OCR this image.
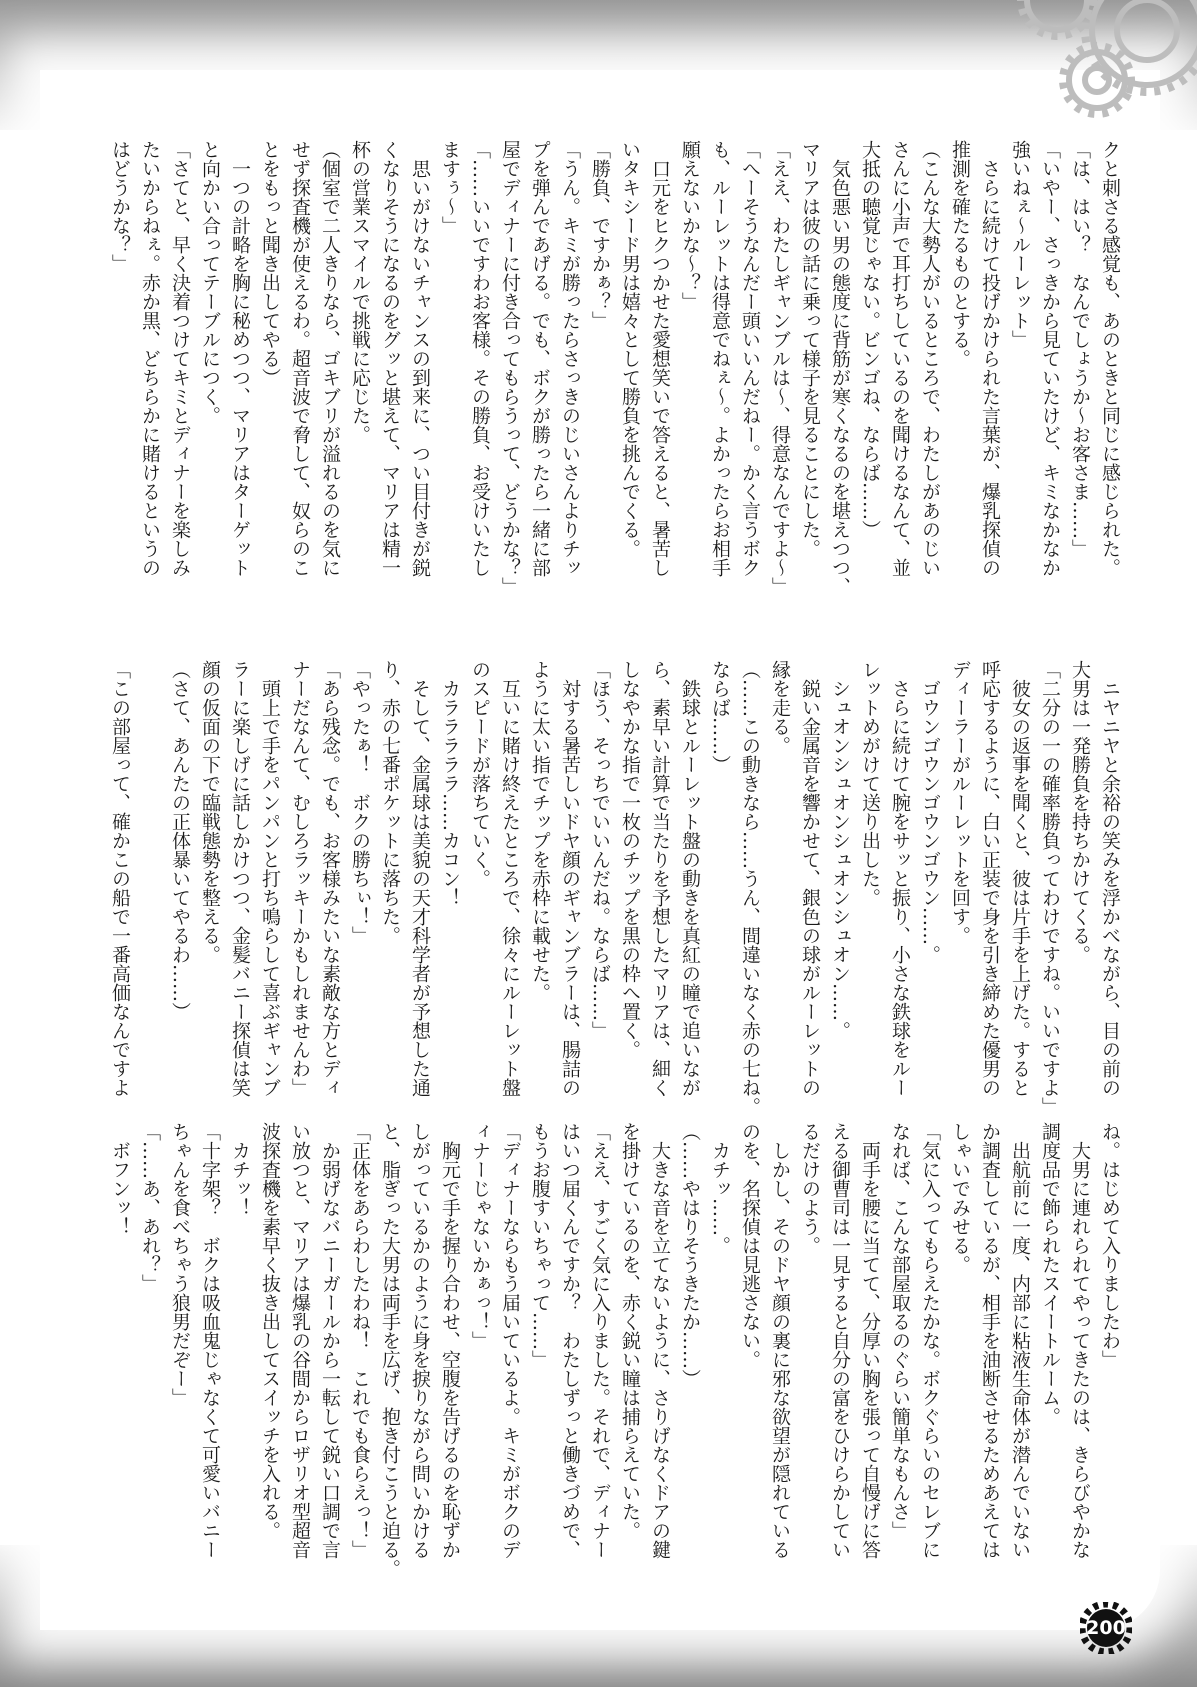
クと刺さる感覚も、あのときと同じに感じられた。
「は、はい？　なんでしょうか～お客さま……」
「いやー、さっきから見ていたけど、キミなかなか
強いねぇ～ルーレット」
　さらに続けて投げかけられた言葉が、爆乳探偵の
推測を確たるものとする。
（こんな大勢人がいるところで、わたしがあのじい
さんに小声で耳打ちしているのを聞けるなんて、並
大抵の聴覚じゃない。ビンゴね、ならば……）
　気色悪い男の態度に背筋が寒くなるのを堪えつつ、
マリアは彼の話に乗って様子を見ることにした。
「ええ、わたしギャンブルは～、得意なんですよ～」
「へーそうなんだー頭いいんだねー。かく言うボク
も、ルーレットは得意でねぇ～。よかったらお相手
願えないかな～？」
　口元をヒクつかせた愛想笑いで答えると、暑苦し
いタキシード男は嬉々として勝負を挑んでくる。
「勝負、ですかぁ？」
「うん。キミが勝ったらさっきのじいさんよりチッ
プを弾んであげる。でも、ボクが勝ったら一緒に部
屋でディナーに付き合ってもらうって、どうかな？」
「……いいですわお客様。その勝負、お受けいたし
ますぅ～」
　思いがけないチャンスの到来に、つい目付きが鋭
くなりそうになるのをグッと堪えて、マリアは精一
杯の営業スマイルで挑戦に応じた。
（個室で二人きりなら、ゴキブリが溢れるのを気に
せず探査機が使えるわ。超音波で脅して、奴らのこ
とをもっと聞き出してやる）
　一つの計略を胸に秘めつつ、マリアはターゲット
と向かい合ってテーブルにつく。
「さてと、早く決着つけてキミとディナーを楽しみ
たいからねぇ。赤か黒、どちらかに賭けるというの
はどうかな？」
　ニヤニヤと余裕の笑みを浮かべながら、目の前の
大男は一発勝負を持ちかけてくる。
「二分の一の確率勝負ってわけですね。いいですよ」
　彼女の返事を聞くと、彼は片手を上げた。すると
呼応するように、白い正装で身を引き締めた優男の
ディーラーがルーレットを回す。
　ゴウンゴウンゴウンゴウン……。
　さらに続けて腕をサッと振り、小さな鉄球をルー
レットめがけて送り出した。
　シュオンシュオンシュオンシュオン……。
　鋭い金属音を響かせて、銀色の球がルーレットの
縁を走る。
（……この動きなら……うん、間違いなく赤の七ね。
ならば……）
　鉄球とルーレット盤の動きを真紅の瞳で追いなが
ら、素早い計算で当たりを予想したマリアは、細く
しなやかな指で一枚のチップを黒の枠へ置く。
「ほう、そっちでいいんだね。ならば……」
　対する暑苦しいドヤ顔のギャンブラーは、腸詰の
ように太い指でチップを赤枠に載せた。
　互いに賭け終えたところで、徐々にルーレット盤
のスピードが落ちていく。
　カラララララ……カコン！
　そして、金属球は美貌の天才科学者が予想した通
り、赤の七番ポケットに落ちた。
「やったぁ！　ボクの勝ちぃ！」
「あら残念。でも、お客様みたいな素敵な方とディ
ナーだなんて、むしろラッキーかもしれませんわ」
　頭上で手をパンパンと打ち鳴らして喜ぶギャンブ
ラーに楽しげに話しかけつつ、金髪バニー探偵は笑
顔の仮面の下で臨戦態勢を整える。
（さて、あんたの正体暴いてやるわ……）

「この部屋って、確かこの船で一番高価なんですよ
ね。はじめて入りましたわ」
　大男に連れられてやってきたのは、きらびやかな
調度品で飾られたスイートルーム。
　出航前に一度、内部に粘液生命体が潜んでいない
か調査しているが、相手を油断させるためあえては
しゃいでみせる。
「気に入ってもらえたかな。ボクぐらいのセレブに
なれば、こんな部屋取るのぐらい簡単なもんさ」
　両手を腰に当てて、分厚い胸を張って自慢げに答
える御曹司は一見すると自分の富をひけらかしてい
るだけのよう。
　しかし、そのドヤ顔の裏に邪な欲望が隠れている
のを、名探偵は見逃さない。
　カチッ……。
（……やはりそうきたか……）
　大きな音を立てないように、さりげなくドアの鍵
を掛けているのを、赤く鋭い瞳は捕らえていた。
「ええ、すごく気に入りました。それで、ディナー
はいつ届くんですか？　わたしずっと働きづめで、
もうお腹すいちゃって……」
「ディナーならもう届いているよ。キミがボクのデ
ィナーじゃないかぁっ！」
　胸元で手を握り合わせ、空腹を告げるのを恥ずか
しがっているかのように身を捩りながら問いかける
と、脂ぎった大男は両手を広げ、抱き付こうと迫る。
「正体をあらわしたわね！　これでも食らえっ！」
　か弱げなバニーガールから一転して鋭い口調で言
い放つと、マリアは爆乳の谷間からロザリオ型超音
波探査機を素早く抜き出してスイッチを入れる。
　カチッ！
「十字架？　ボクは吸血鬼じゃなくて可愛いバニー
ちゃんを食べちゃう狼男だぞー」
「……あ、あれ？」
　ボフンッ！
200
